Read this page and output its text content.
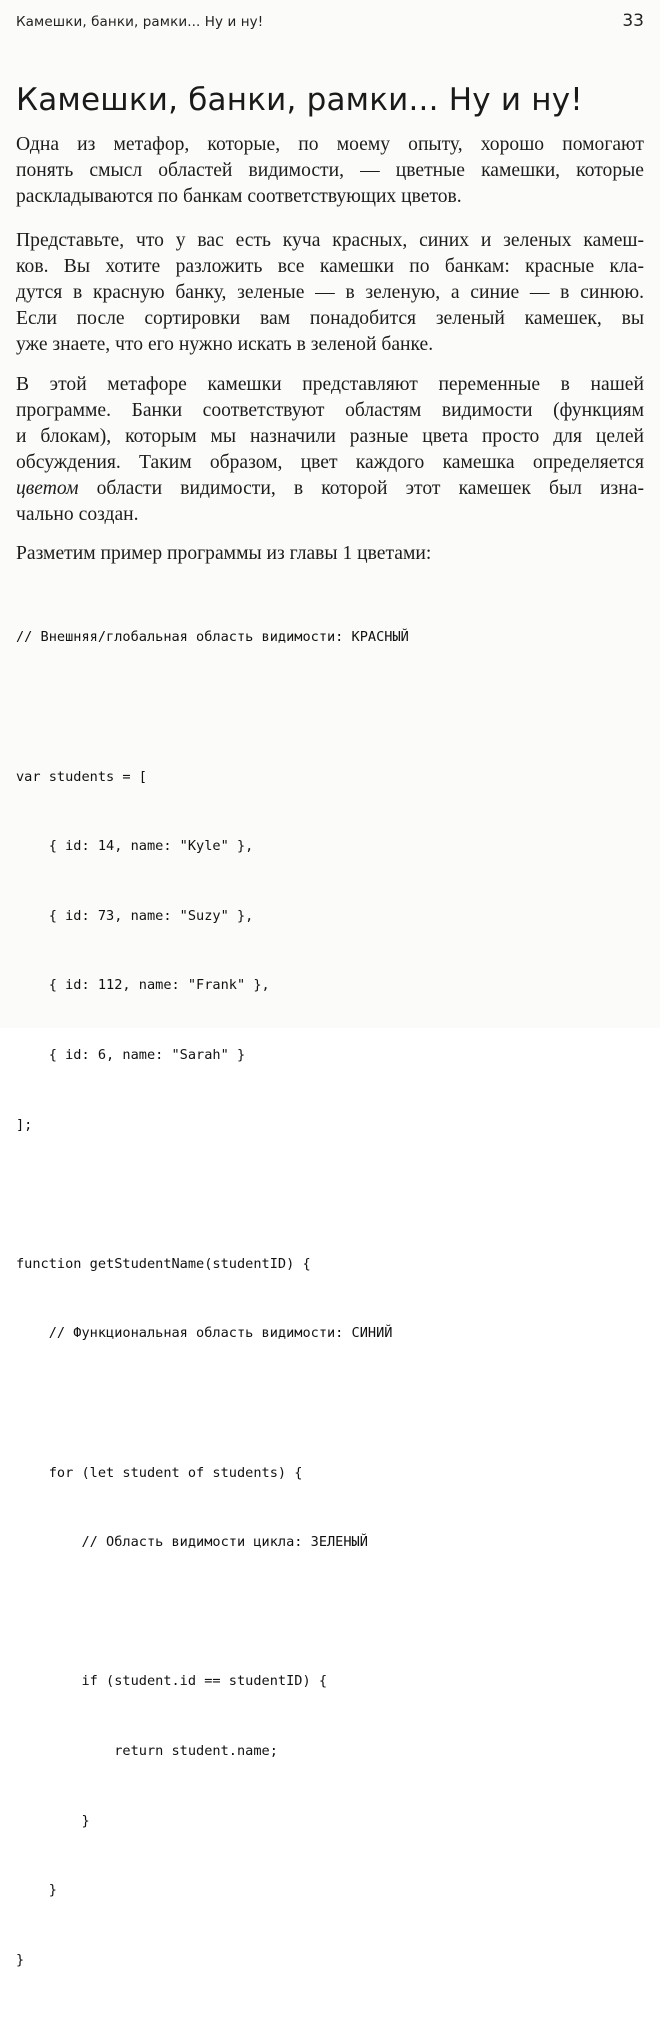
Камешки, банки, рамки... Ну и ну!	33
Камешки, банки, рамки... Ну и ну!
Одна из метафор, которые, по моему опыту, хорошо помогают
понять смысл областей видимости, — цветные камешки, которые
раскладываются по банкам соответствующих цветов.
Представьте, что у вас есть куча красных, синих и зеленых камеш-
ков. Вы хотите разложить все камешки по банкам: красные кла-
дутся в красную банку, зеленые — в зеленую, а синие — в синюю.
Если после сортировки вам понадобится зеленый камешек, вы
уже знаете, что его нужно искать в зеленой банке.
В этой метафоре камешки представляют переменные в нашей
программе. Банки соответствуют областям видимости (функциям
и блокам), которым мы назначили разные цвета просто для целей
обсуждения. Таким образом, цвет каждого камешка определяется
цветом области видимости, в которой этот камешек был изна-
чально создан.
Разметим пример программы из главы 1 цветами:

// Внешняя/глобальная область видимости: КРАСНЫЙ

var students = [

{ id: 14, name: "Kyle" },

{ id: 73, name: "Suzy" },

{ id: 112, name: "Frank" },

{ id: 6, name: "Sarah" }

];

function getStudentName(studentID) {

// Функциональная область видимости: СИНИЙ

for (let student of students) {

// Область видимости цикла: ЗЕЛЕНЫЙ

if (student.id == studentID) {

return student.name;

}

}

}
